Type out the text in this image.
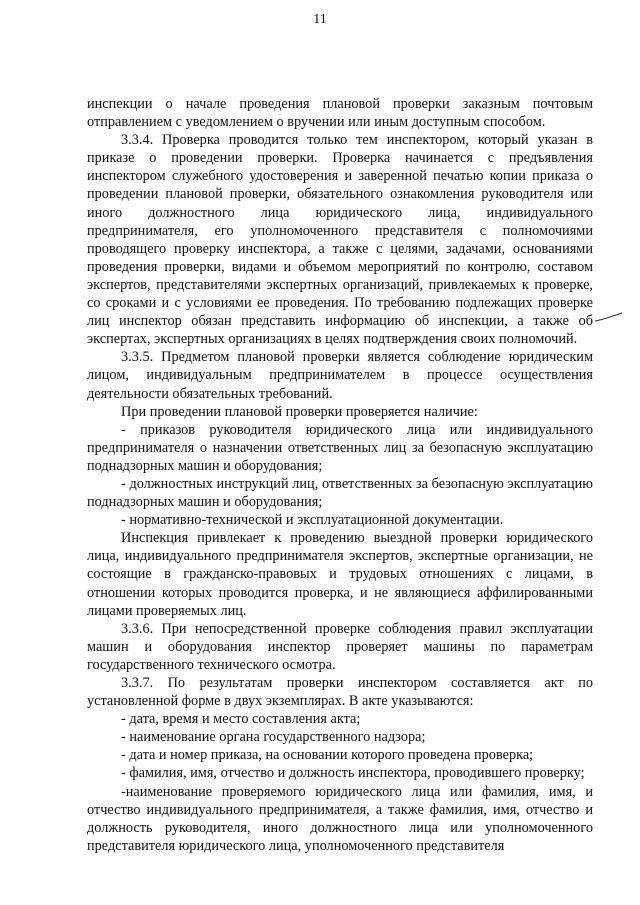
11

инспекции о начале проведения плановой проверки заказным почтовым отправлением с уведомлением о вручении или иным доступным способом.

3.3.4. Проверка проводится только тем инспектором, который указан в приказе о проведении проверки. Проверка начинается с предъявления инспектором служебного удостоверения и заверенной печатью копии приказа о проведении плановой проверки, обязательного ознакомления руководителя или иного должностного лица юридического лица, индивидуального предпринимателя, его уполномоченного представителя с полномочиями проводящего проверку инспектора, а также с целями, задачами, основаниями проведения проверки, видами и объемом мероприятий по контролю, составом экспертов, представителями экспертных организаций, привлекаемых к проверке, со сроками и с условиями ее проведения. По требованию подлежащих проверке лиц инспектор обязан представить информацию об инспекции, а также об экспертах, экспертных организациях в целях подтверждения своих полномочий.

3.3.5. Предметом плановой проверки является соблюдение юридическим лицом, индивидуальным предпринимателем в процессе осуществления деятельности обязательных требований.

При проведении плановой проверки проверяется наличие:

- приказов руководителя юридического лица или индивидуального предпринимателя о назначении ответственных лиц за безопасную эксплуатацию поднадзорных машин и оборудования;

- должностных инструкций лиц, ответственных за безопасную эксплуатацию поднадзорных машин и оборудования;

- нормативно-технической и эксплуатационной документации.

Инспекция привлекает к проведению выездной проверки юридического лица, индивидуального предпринимателя экспертов, экспертные организации, не состоящие в гражданско-правовых и трудовых отношениях с лицами, в отношении которых проводится проверка, и не являющиеся аффилированными лицами проверяемых лиц.

3.3.6. При непосредственной проверке соблюдения правил эксплуатации машин и оборудования инспектор проверяет машины по параметрам государственного технического осмотра.

3.3.7. По результатам проверки инспектором составляется акт по установленной форме в двух экземплярах. В акте указываются:

- дата, время и место составления акта;

- наименование органа государственного надзора;

- дата и номер приказа, на основании которого проведена проверка;

- фамилия, имя, отчество и должность инспектора, проводившего проверку;

-наименование проверяемого юридического лица или фамилия, имя, и отчество индивидуального предпринимателя, а также фамилия, имя, отчество и должность руководителя, иного должностного лица или уполномоченного представителя юридического лица, уполномоченного представителя
